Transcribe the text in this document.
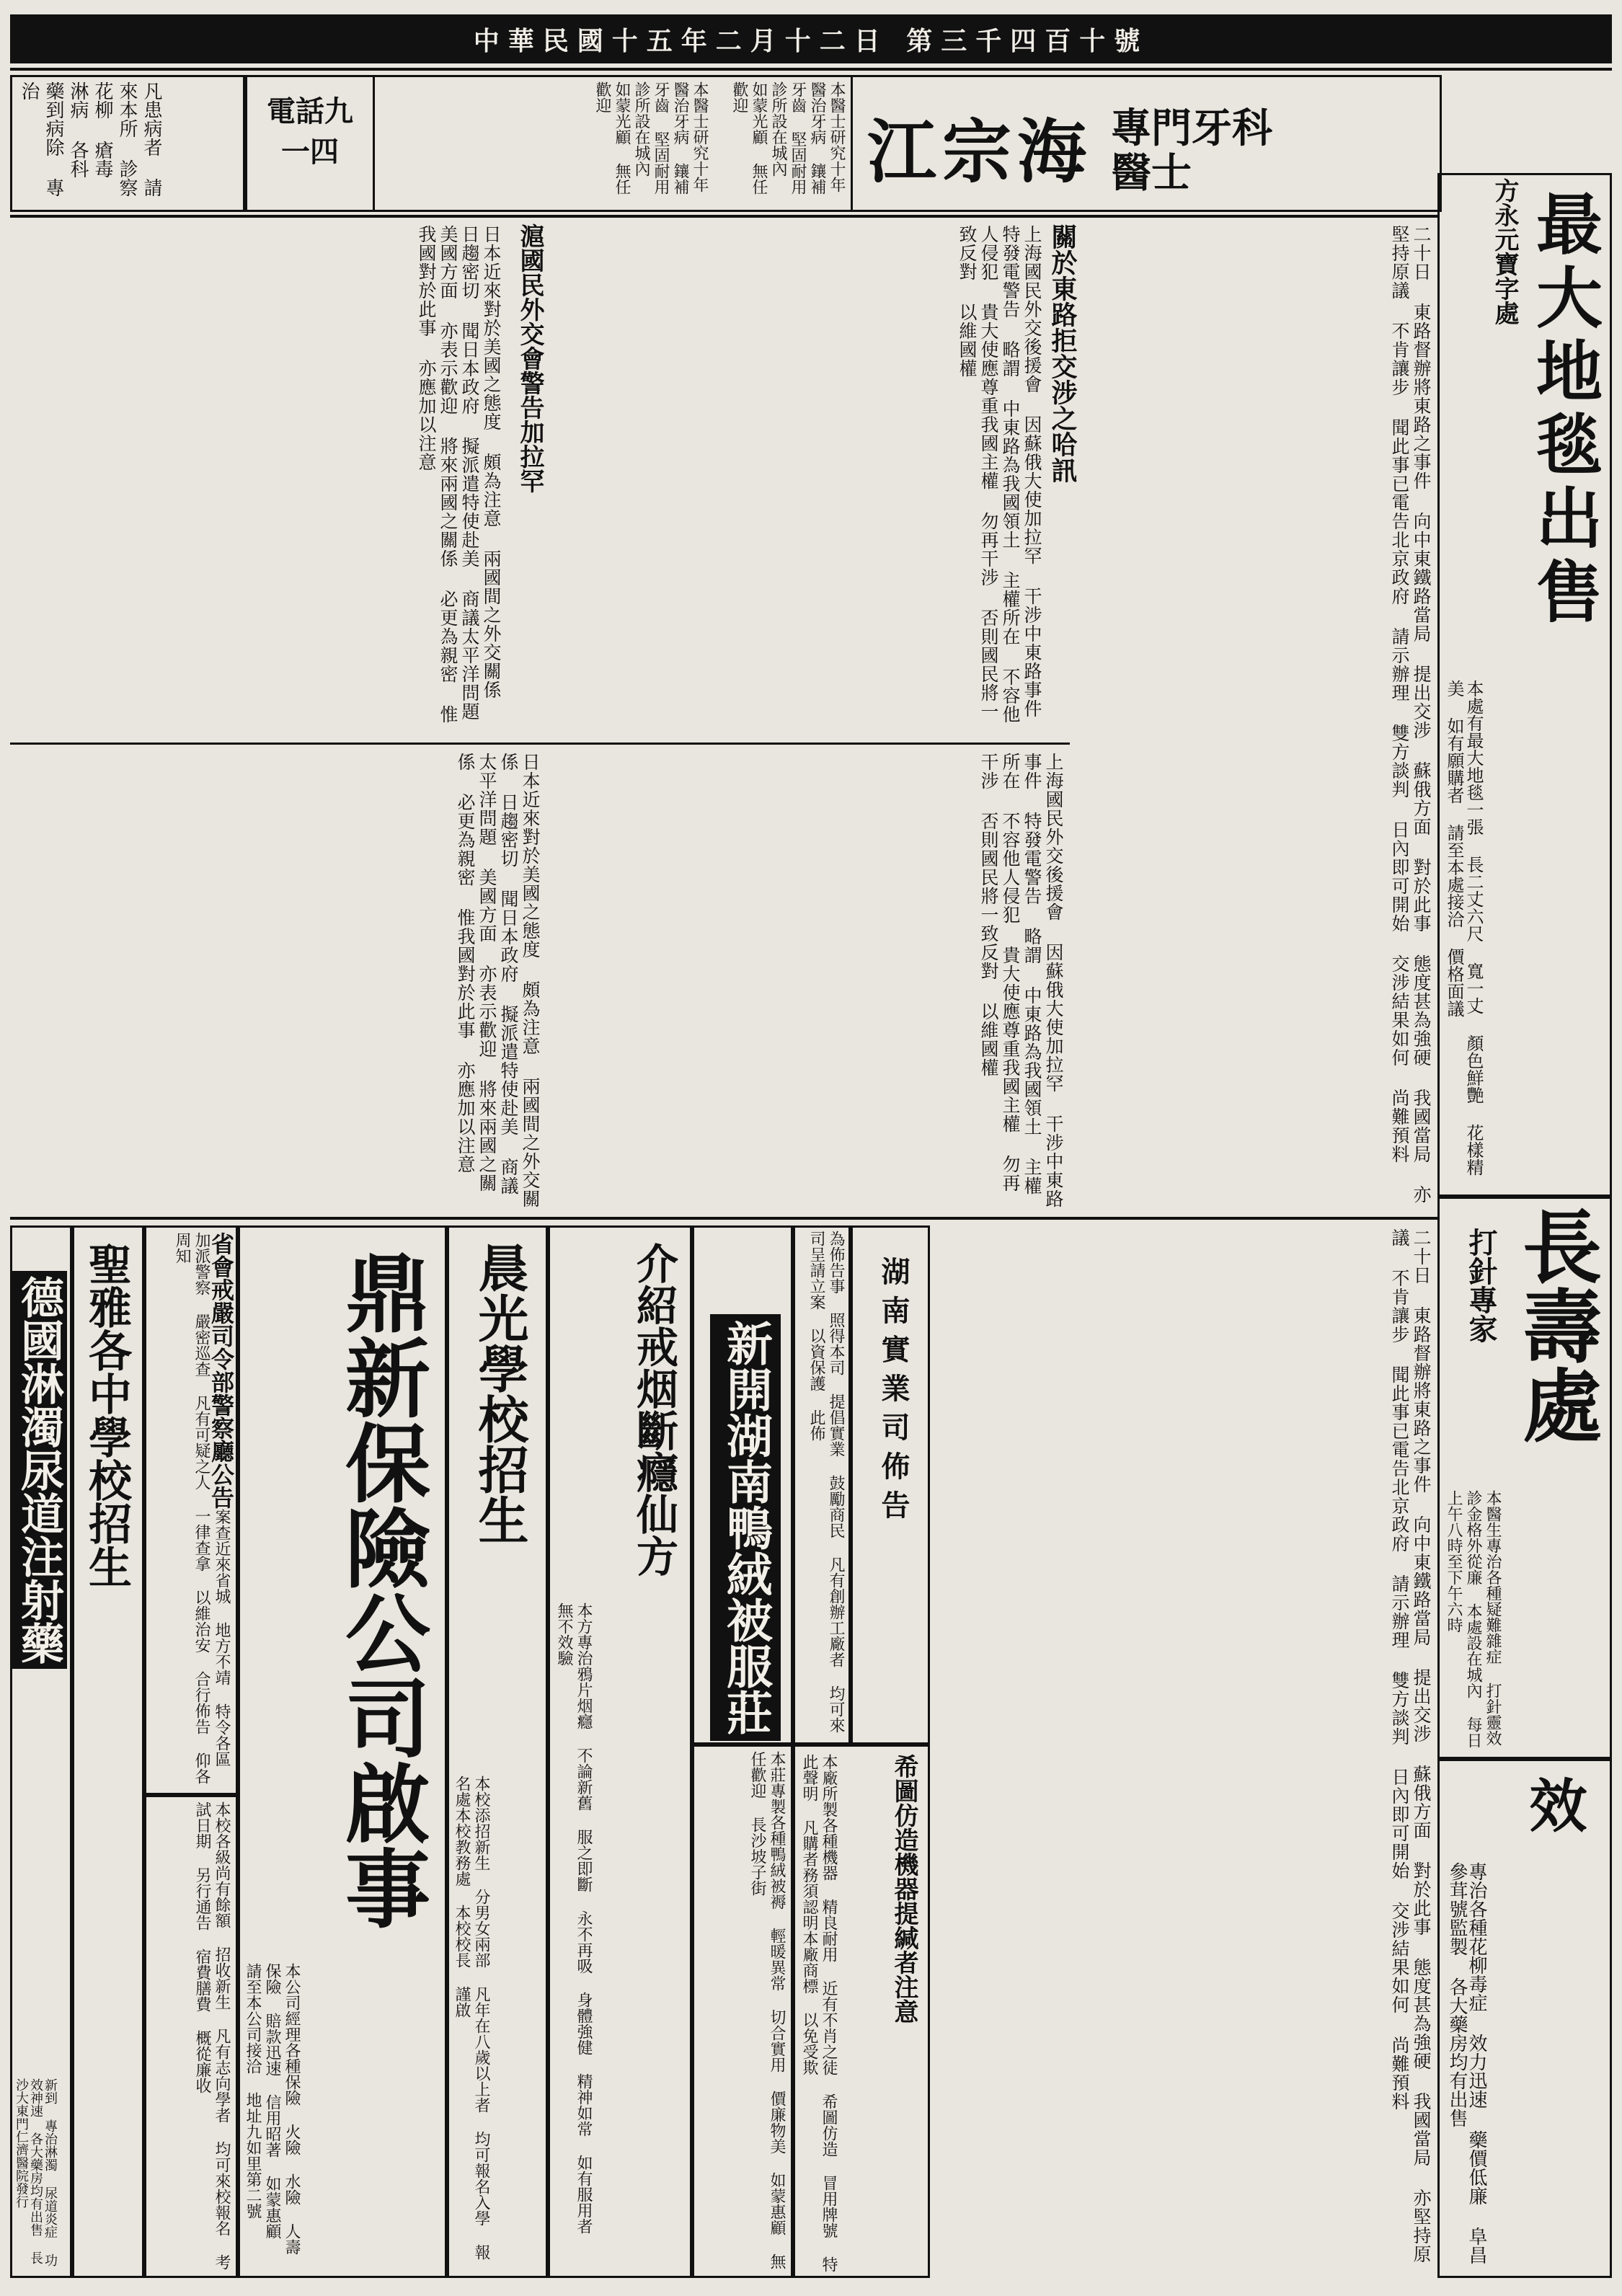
中華民國十五年二月十二日 第三千四百十號
江宗海 專門牙科醫士
本醫士研究十年 醫治牙病 鑲補牙齒 堅固耐用 診所設在城內 如蒙光顧 無任歡迎
電話九一四	本醫士研究十年 醫治牙病 鑲補牙齒 堅固耐用 診所設在城內 如蒙光顧 無任歡迎
凡患病者 請來本所 診察 花柳 瘡毒 淋病 各科 藥到病除 專治
最大地毯出售
方永元寶字處
本處有最大地毯一張 長二丈六尺 寬一丈 顏色鮮艷 花樣精美 如有願購者 請至本處接洽 價格面議
長壽處
打針專家
本醫生專治各種疑難雜症 打針靈效 診金格外從廉 本處設在城內 每日上午八時至下午六時
效
專治各種花柳毒症 效力迅速 藥價低廉 阜昌參茸號監製 各大藥房均有出售
二十日 東路督辦將東路之事件 向中東鐵路當局 提出交涉 蘇俄方面 對於此事 態度甚為強硬 我國當局 亦堅持原議 不肯讓步 聞此事已電告北京政府 請示辦理 雙方談判 日內即可開始 交涉結果如何 尚難預料
關於東路拒交涉之哈訊
上海國民外交後援會 因蘇俄大使加拉罕 干涉中東路事件 特發電警告 略謂 中東路為我國領土 主權所在 不容他人侵犯 貴大使應尊重我國主權 勿再干涉 否則國民將一致反對 以維國權
滬國民外交會警告加拉罕
日本近來對於美國之態度 頗為注意 兩國間之外交關係 日趨密切 聞日本政府 擬派遣特使赴美 商議太平洋問題 美國方面 亦表示歡迎 將來兩國之關係 必更為親密 惟我國對於此事 亦應加以注意
上海國民外交後援會 因蘇俄大使加拉罕 干涉中東路事件 特發電警告 略謂 中東路為我國領土 主權所在 不容他人侵犯 貴大使應尊重我國主權 勿再干涉 否則國民將一致反對 以維國權
日本近來對於美國之態度 頗為注意 兩國間之外交關係 日趨密切 聞日本政府 擬派遣特使赴美 商議太平洋問題 美國方面 亦表示歡迎 將來兩國之關係 必更為親密 惟我國對於此事 亦應加以注意
二十日 東路督辦將東路之事件 向中東鐵路當局 提出交涉 蘇俄方面 對於此事 態度甚為強硬 我國當局 亦堅持原議 不肯讓步 聞此事已電告北京政府 請示辦理 雙方談判 日內即可開始 交涉結果如何 尚難預料
湖南實業司佈告
為佈告事 照得本司 提倡實業 鼓勵商民 凡有創辦工廠者 均可來司呈請立案 以資保護 此佈
新開湖南鴨絨被服莊
希圖仿造機器提緘者注意
本廠所製各種機器 精良耐用 近有不肖之徒 希圖仿造 冒用牌號 特此聲明 凡購者務須認明本廠商標 以免受欺
本莊專製各種鴨絨被褥 輕暖異常 切合實用 價廉物美 如蒙惠顧 無任歡迎 長沙坡子街
介紹戒烟斷癮仙方
本方專治鴉片烟癮 不論新舊 服之即斷 永不再吸 身體強健 精神如常 如有服用者 無不效驗
晨光學校招生
本校添招新生 分男女兩部 凡年在八歲以上者 均可報名入學 報名處本校教務處 本校校長 謹啟
鼎新保險公司啟事
本公司經理各種保險 火險 水險 人壽保險 賠款迅速 信用昭著 如蒙惠顧 請至本公司接洽 地址九如里第二號
省會戒嚴司令部警察廳公告案查近來省城 地方不靖 特令各區 加派警察 嚴密巡查 凡有可疑之人 一律查拿 以維治安 合行佈告 仰各周知
聖雅各中學校招生
本校各級尚有餘額 招收新生 凡有志向學者 均可來校報名 考試日期 另行通告 宿費膳費 概從廉收
德國淋濁尿道注射藥
新到 專治淋濁 尿道炎症 功效神速 各大藥房均有出售 長沙大東門仁濟醫院發行
